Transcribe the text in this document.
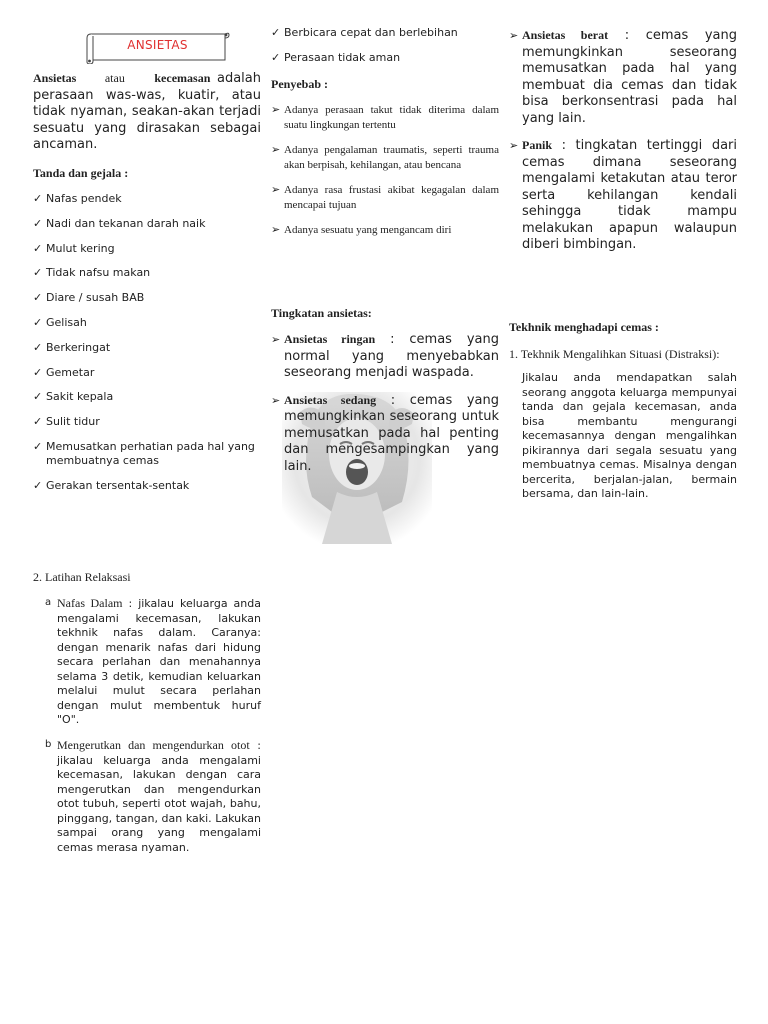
ANSIETAS
Ansietas atau kecemasan adalah perasaan was-was, kuatir, atau tidak nyaman, seakan-akan terjadi sesuatu yang dirasakan sebagai ancaman.
Tanda dan gejala :
✓ Nafas pendek
✓ Nadi dan tekanan darah naik
✓ Mulut kering
✓ Tidak nafsu makan
✓ Diare / susah BAB
✓ Gelisah
✓ Berkeringat
✓ Gemetar
✓ Sakit kepala
✓ Sulit tidur
✓ Memusatkan perhatian pada hal yang membuatnya cemas
✓ Gerakan tersentak-sentak
✓ Berbicara cepat dan berlebihan
✓ Perasaan tidak aman
Penyebab :
➢ Adanya perasaan takut tidak diterima dalam suatu lingkungan tertentu
➢ Adanya pengalaman traumatis, seperti trauma akan berpisah, kehilangan, atau bencana
➢ Adanya rasa frustasi akibat kegagalan dalam mencapai tujuan
➢ Adanya sesuatu yang mengancam diri
Tingkatan ansietas:
➢ Ansietas ringan : cemas yang normal yang menyebabkan seseorang menjadi waspada.
➢ Ansietas sedang : cemas yang memungkinkan seseorang untuk memusatkan pada hal penting dan mengesampingkan yang lain.
➢ Ansietas berat : cemas yang memungkinkan seseorang memusatkan pada hal yang membuat dia cemas dan tidak bisa berkonsentrasi pada hal yang lain.
➢ Panik : tingkatan tertinggi dari cemas dimana seseorang mengalami ketakutan atau teror serta kehilangan kendali sehingga tidak mampu melakukan apapun walaupun diberi bimbingan.
Tekhnik menghadapi cemas :
1. Tekhnik Mengalihkan Situasi (Distraksi):
Jikalau anda mendapatkan salah seorang anggota keluarga mempunyai tanda dan gejala kecemasan, anda bisa membantu mengurangi kecemasannya dengan mengalihkan pikirannya dari segala sesuatu yang membuatnya cemas. Misalnya dengan bercerita, berjalan-jalan, bermain bersama, dan lain-lain.
2. Latihan Relaksasi
a Nafas Dalam : jikalau keluarga anda mengalami kecemasan, lakukan tekhnik nafas dalam. Caranya: dengan menarik nafas dari hidung secara perlahan dan menahannya selama 3 detik, kemudian keluarkan melalui mulut secara perlahan dengan mulut membentuk huruf "O".
b Mengerutkan dan mengendurkan otot : jikalau keluarga anda mengalami kecemasan, lakukan dengan cara mengerutkan dan mengendurkan otot tubuh, seperti otot wajah, bahu, pinggang, tangan, dan kaki. Lakukan sampai orang yang mengalami cemas merasa nyaman.
